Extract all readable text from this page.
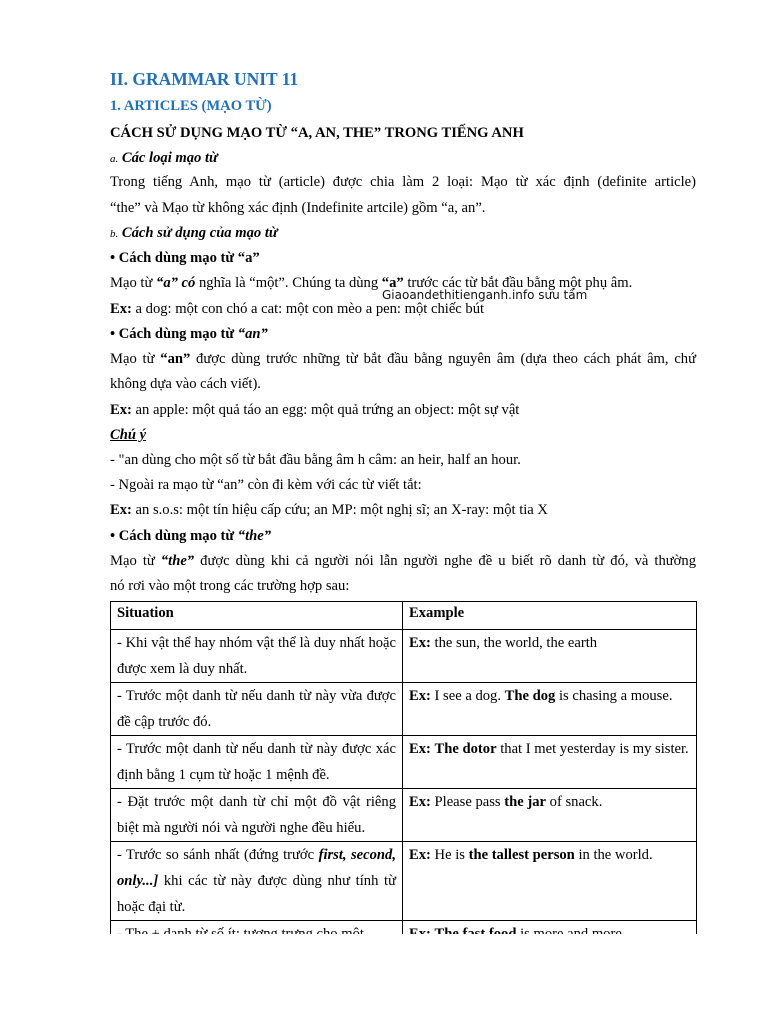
II. GRAMMAR UNIT 11
1. ARTICLES (MẠO TỪ)
CÁCH SỬ DỤNG MẠO TỪ “A, AN, THE” TRONG TIẾNG ANH
a. Các loại mạo từ
Trong tiếng Anh, mạo từ (article) được chia làm 2 loại: Mạo từ xác định (definite article)
“the” và Mạo từ không xác định (Indefinite artcile) gồm “a, an”.
b. Cách sử dụng của mạo từ
• Cách dùng mạo từ “a”
Mạo từ “a” có nghĩa là “một”. Chúng ta dùng “a” trước các từ bắt đầu bằng một phụ âm.
Giaoandethitienganh.info sưu tầm
Ex: a dog: một con chó a cat: một con mèo a pen: một chiếc bút
• Cách dùng mạo từ “an”
Mạo từ “an” được dùng trước những từ bắt đầu bằng nguyên âm (dựa theo cách phát âm, chứ
không dựa vào cách viết).
Ex: an apple: một quả táo an egg: một quả trứng an object: một sự vật
Chú ý
- "an dùng cho một số từ bắt đầu bằng âm h câm: an heir, half an hour.
- Ngoài ra mạo từ “an” còn đi kèm với các từ viết tắt:
Ex: an s.o.s: một tín hiệu cấp cứu; an MP: một nghị sĩ; an X-ray: một tia X
• Cách dùng mạo từ “the”
Mạo từ “the” được dùng khi cả người nói lẫn người nghe đề u biết rõ danh từ đó, và thường
nó rơi vào một trong các trường hợp sau:
Situation	Example
- Khi vật thể hay nhóm vật thể là duy nhất hoặc được xem là duy nhất.	Ex: the sun, the world, the earth
- Trước một danh từ nếu danh từ này vừa được đề cập trước đó.	Ex: I see a dog. The dog is chasing a mouse.
- Trước một danh từ nếu danh từ này được xác định bằng 1 cụm từ hoặc 1 mệnh đề.	Ex: The dotor that I met yesterday is my sister.
- Đặt trước một danh từ chỉ một đồ vật riêng biệt mà người nói và người nghe đều hiểu.	Ex: Please pass the jar of snack.
- Trước so sánh nhất (đứng trước first, second, only...] khi các từ này được dùng như tính từ hoặc đại từ.	Ex: He is the tallest person in the world.
